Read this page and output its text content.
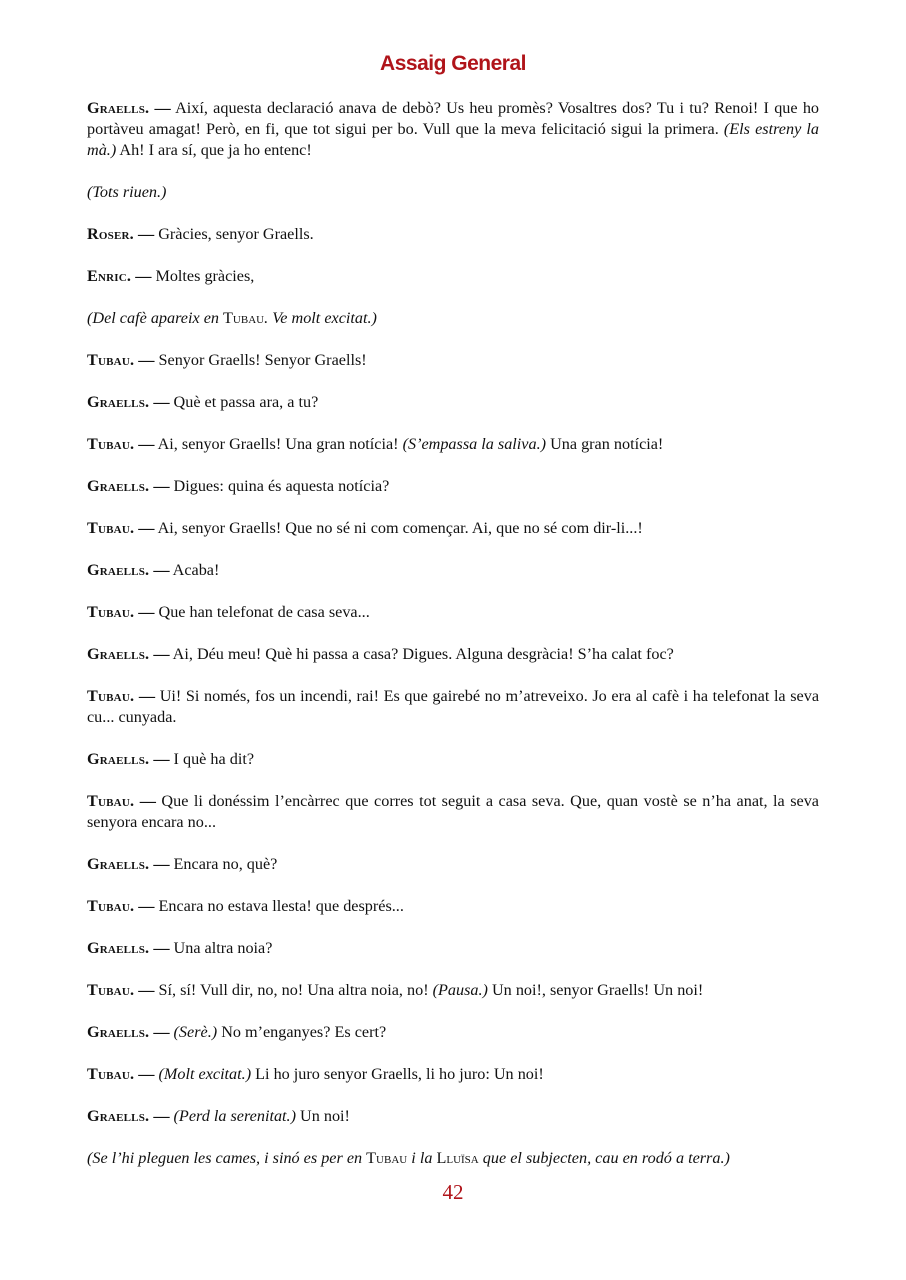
Assaig General

Graells. — Així, aquesta declaració anava de debò? Us heu promès? Vosaltres dos? Tu i tu? Renoi! I que ho portàveu amagat! Però, en fi, que tot sigui per bo. Vull que la meva felicitació sigui la primera. (Els estreny la mà.) Ah! I ara sí, que ja ho entenc!

(Tots riuen.)

Roser. — Gràcies, senyor Graells.

Enric. — Moltes gràcies,

(Del cafè apareix en Tubau. Ve molt excitat.)

Tubau. — Senyor Graells! Senyor Graells!

Graells. — Què et passa ara, a tu?

Tubau. — Ai, senyor Graells! Una gran notícia! (S’empassa la saliva.) Una gran notícia!

Graells. — Digues: quina és aquesta notícia?

Tubau. — Ai, senyor Graells! Que no sé ni com començar. Ai, que no sé com dir-li...!

Graells. — Acaba!

Tubau. — Que han telefonat de casa seva...

Graells. — Ai, Déu meu! Què hi passa a casa? Digues. Alguna desgràcia! S’ha calat foc?

Tubau. — Ui! Si només, fos un incendi, rai! Es que gairebé no m’atreveixo. Jo era al cafè i ha telefonat la seva cu... cunyada.

Graells. — I què ha dit?

Tubau. — Que li donéssim l’encàrrec que corres tot seguit a casa seva. Que, quan vostè se n’ha anat, la seva senyora encara no...

Graells. — Encara no, què?

Tubau. — Encara no estava llesta! que després...

Graells. — Una altra noia?

Tubau. — Sí, sí! Vull dir, no, no! Una altra noia, no! (Pausa.) Un noi!, senyor Graells! Un noi!

Graells. — (Serè.) No m’enganyes? Es cert?

Tubau. — (Molt excitat.) Li ho juro senyor Graells, li ho juro: Un noi!

Graells. — (Perd la serenitat.) Un noi!

(Se l’hi pleguen les cames, i sinó es per en Tubau i la Lluïsa que el subjecten, cau en rodó a terra.)

42
